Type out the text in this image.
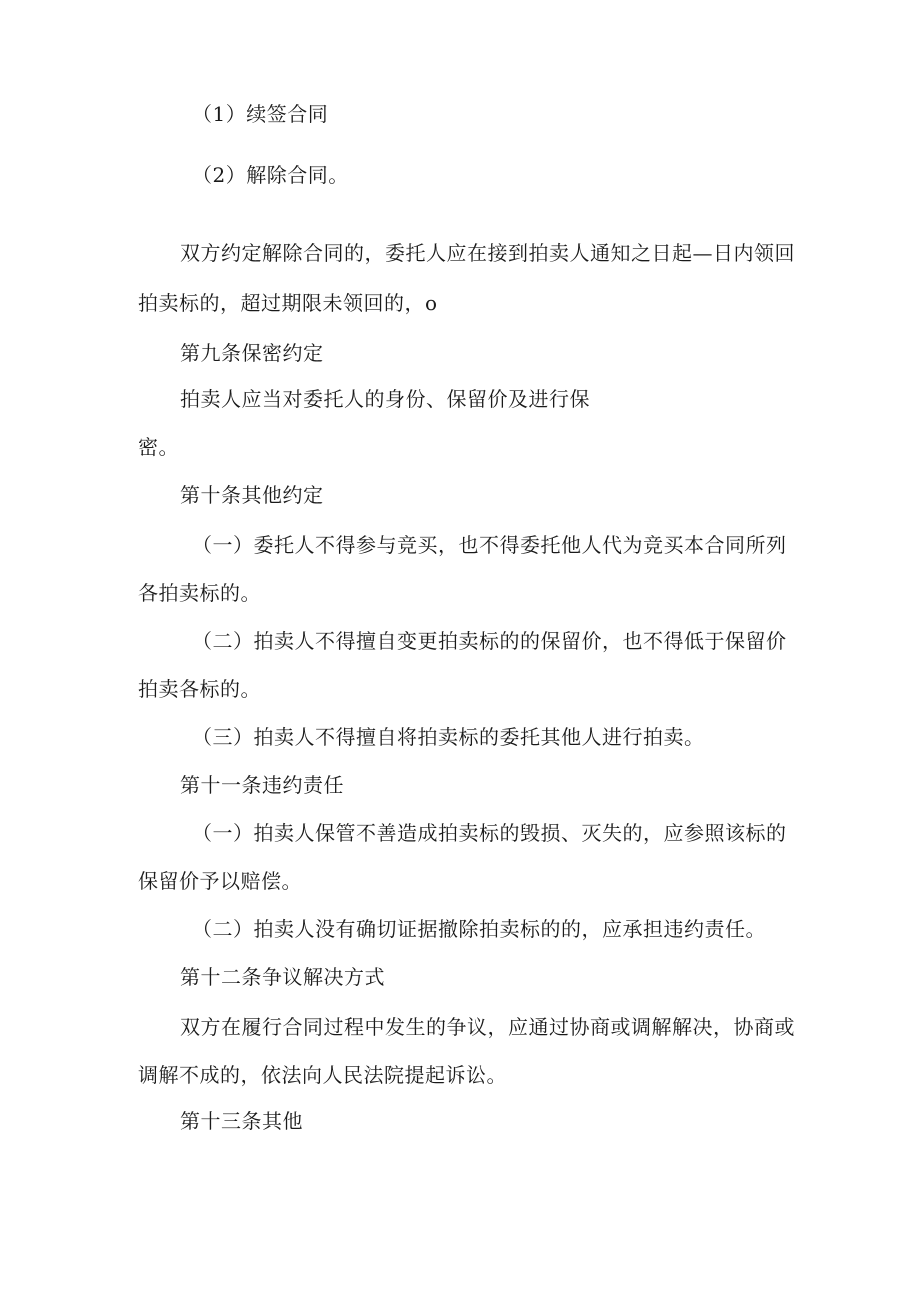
（1）续签合同
（2）解除合同。
双方约定解除合同的，委托人应在接到拍卖人通知之日起—日内领回
拍卖标的，超过期限未领回的，o
第九条保密约定
拍卖人应当对委托人的身份、保留价及进行保
密。
第十条其他约定
（一）委托人不得参与竞买，也不得委托他人代为竞买本合同所列
各拍卖标的。
（二）拍卖人不得擅自变更拍卖标的的保留价，也不得低于保留价
拍卖各标的。
（三）拍卖人不得擅自将拍卖标的委托其他人进行拍卖。
第十一条违约责任
（一）拍卖人保管不善造成拍卖标的毁损、灭失的，应参照该标的
保留价予以赔偿。
（二）拍卖人没有确切证据撤除拍卖标的的，应承担违约责任。
第十二条争议解决方式
双方在履行合同过程中发生的争议，应通过协商或调解解决，协商或
调解不成的，依法向人民法院提起诉讼。
第十三条其他
